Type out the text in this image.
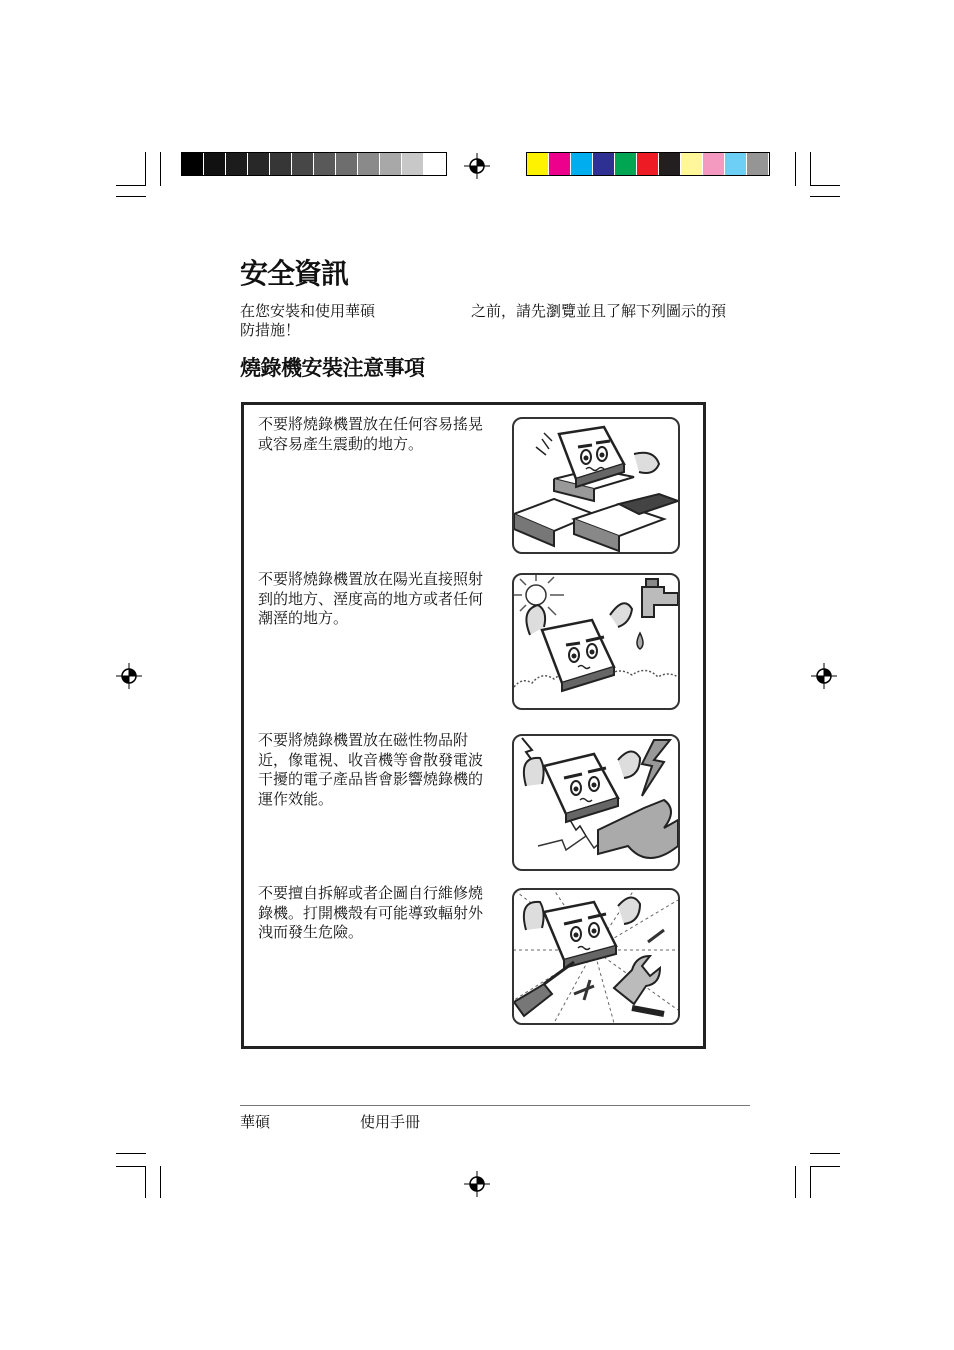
安全資訊
在您安裝和使用華碩	之前，請先瀏覽並且了解下列圖示的預防措施！
燒錄機安裝注意事項
不要將燒錄機置放在任何容易搖晃或容易產生震動的地方。
不要將燒錄機置放在陽光直接照射到的地方、溼度高的地方或者任何潮溼的地方。
不要將燒錄機置放在磁性物品附近，像電視、收音機等會散發電波干擾的電子產品皆會影響燒錄機的運作效能。
不要擅自拆解或者企圖自行維修燒錄機。打開機殼有可能導致輻射外洩而發生危險。
華碩	使用手冊
